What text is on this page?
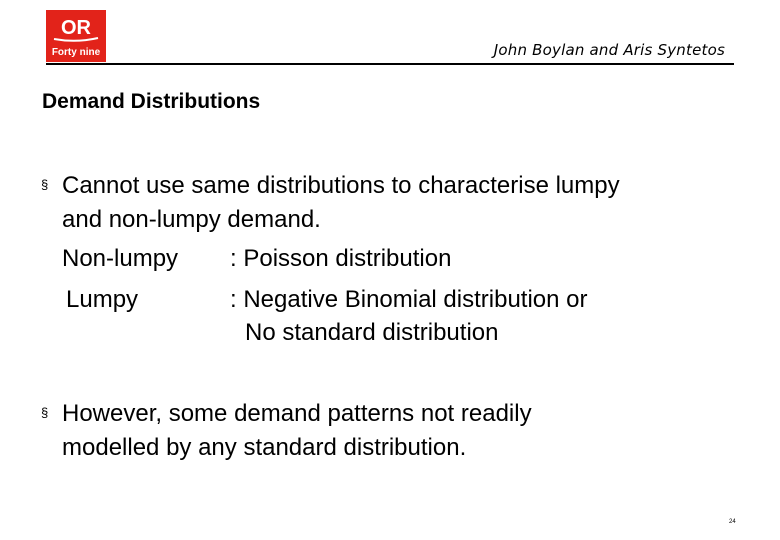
OR
Forty nine	John Boylan and Aris Syntetos
Demand Distributions
§ Cannot use same distributions to characterise lumpy
and non-lumpy demand.
Non-lumpy : Poisson distribution
Lumpy	: Negative Binomial distribution or
No standard distribution
§ However, some demand patterns not readily
modelled by any standard distribution.
24
